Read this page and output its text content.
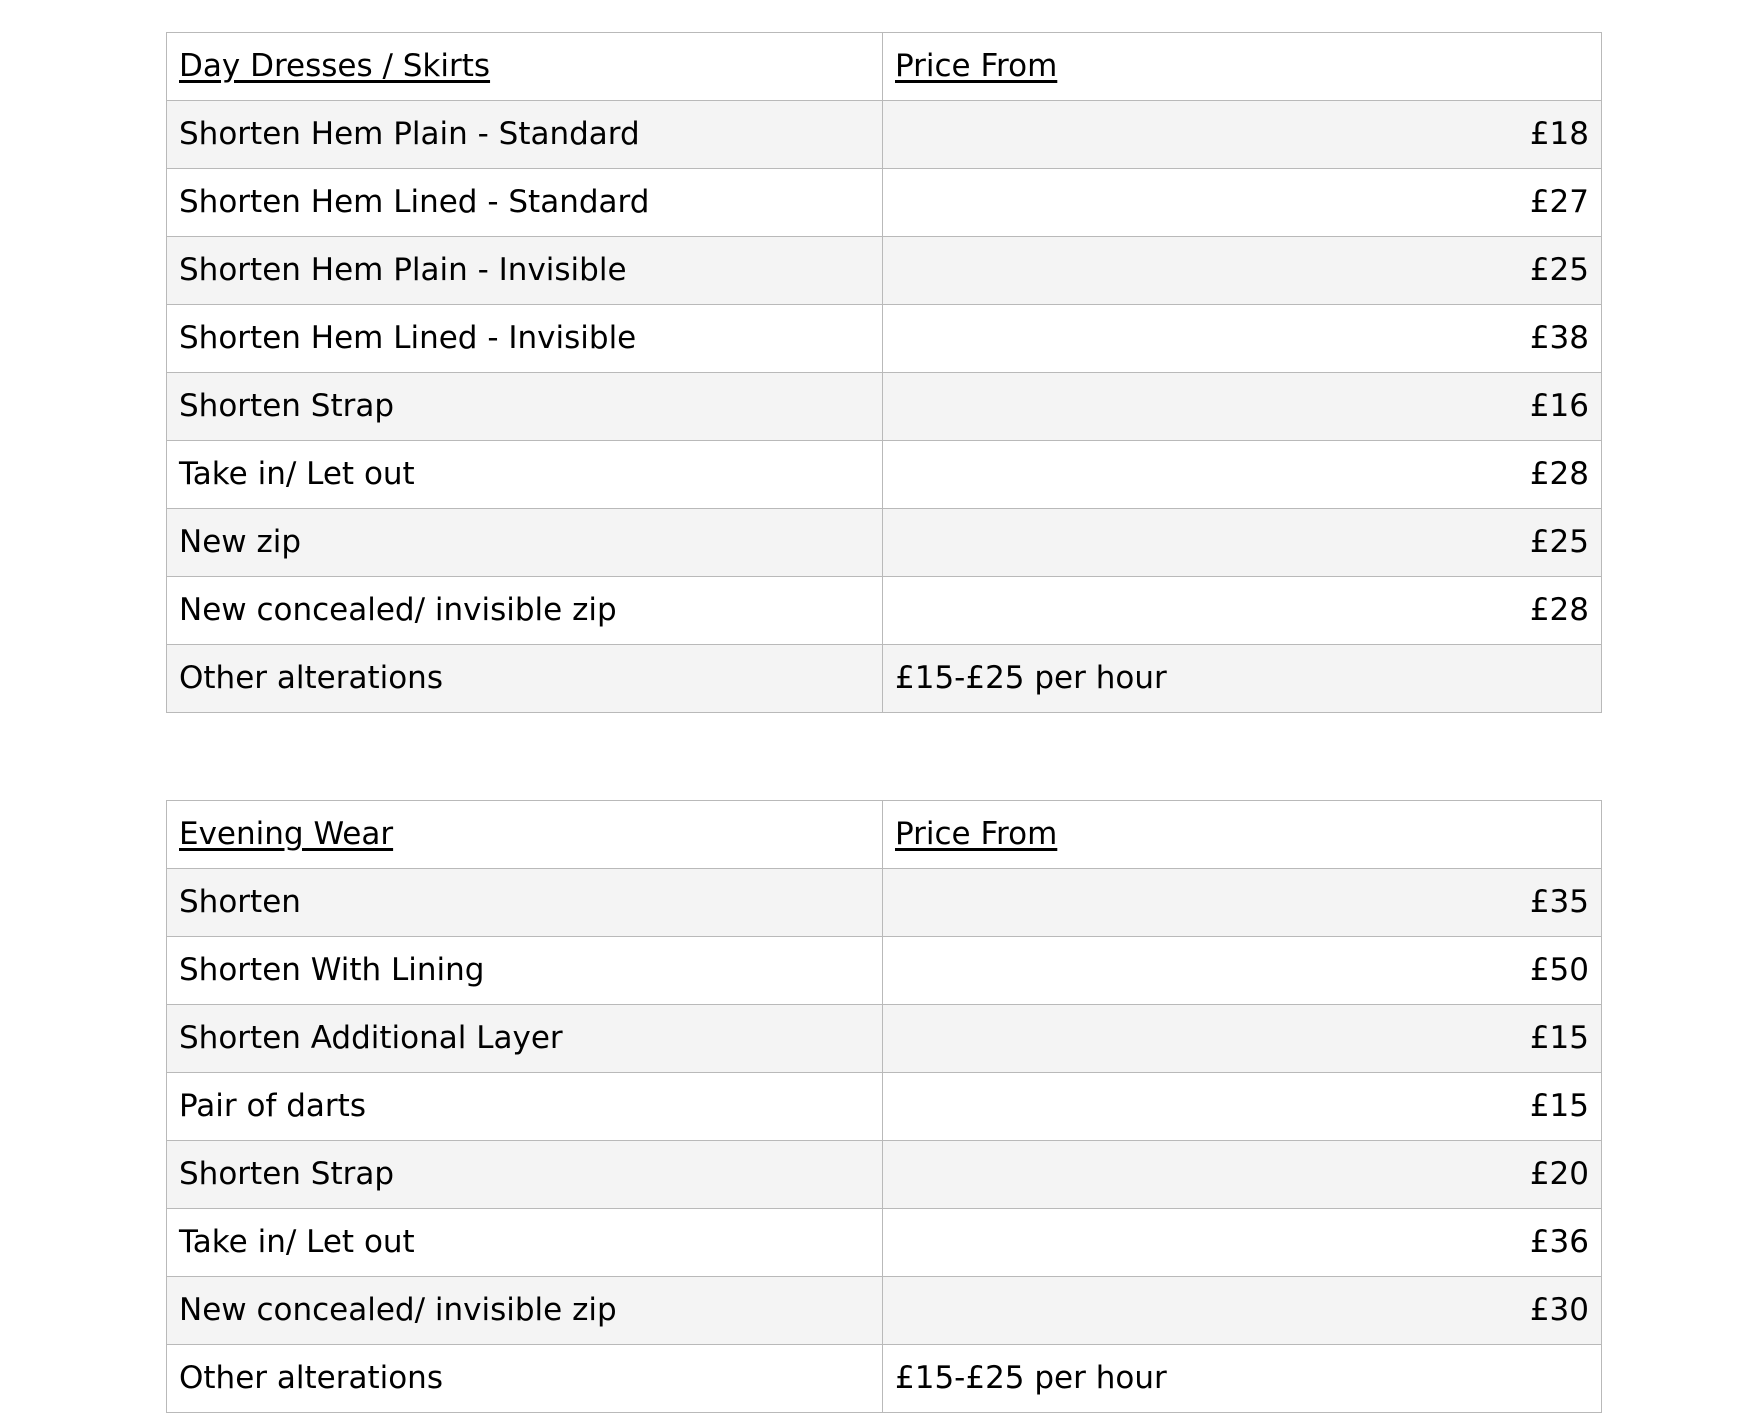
Day Dresses / Skirts	Price From
Shorten Hem Plain - Standard	£18
Shorten Hem Lined - Standard	£27
Shorten Hem Plain - Invisible	£25
Shorten Hem Lined - Invisible	£38
Shorten Strap	£16
Take in/ Let out	£28
New zip	£25
New concealed/ invisible zip	£28
Other alterations	£15-£25 per hour
Evening Wear	Price From
Shorten	£35
Shorten With Lining	£50
Shorten Additional Layer	£15
Pair of darts	£15
Shorten Strap	£20
Take in/ Let out	£36
New concealed/ invisible zip	£30
Other alterations	£15-£25 per hour
